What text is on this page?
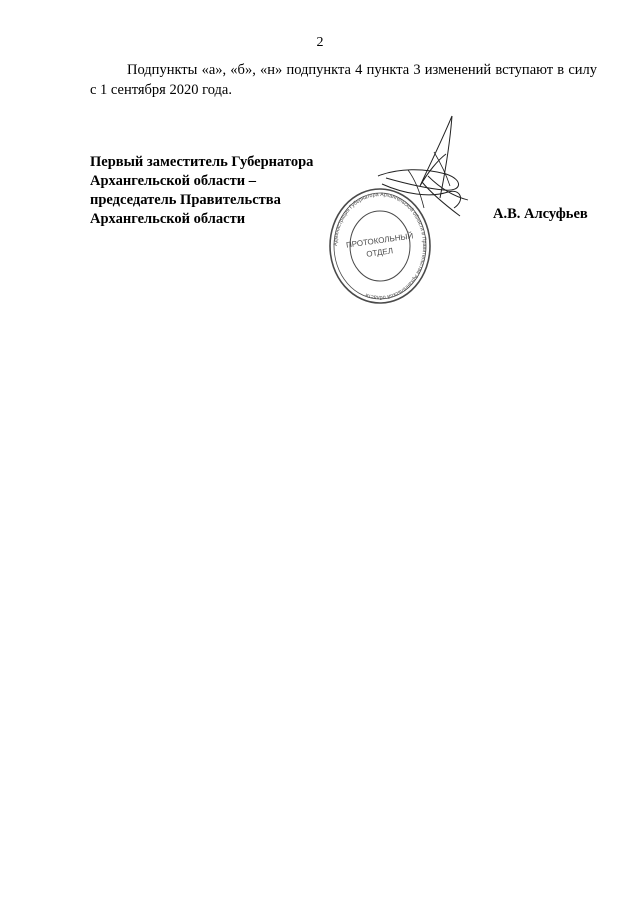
2

Подпункты «а», «б», «н» подпункта 4 пункта 3 изменений вступают в силу с 1 сентября 2020 года.

Первый заместитель Губернатора
Архангельской области –
председатель Правительства
Архангельской области	А.В. Алсуфьев
Администрация Губернатора Архангельской области и Правительства Архангельской области
ПРОТОКОЛЬНЫЙ
ОТДЕЛ
